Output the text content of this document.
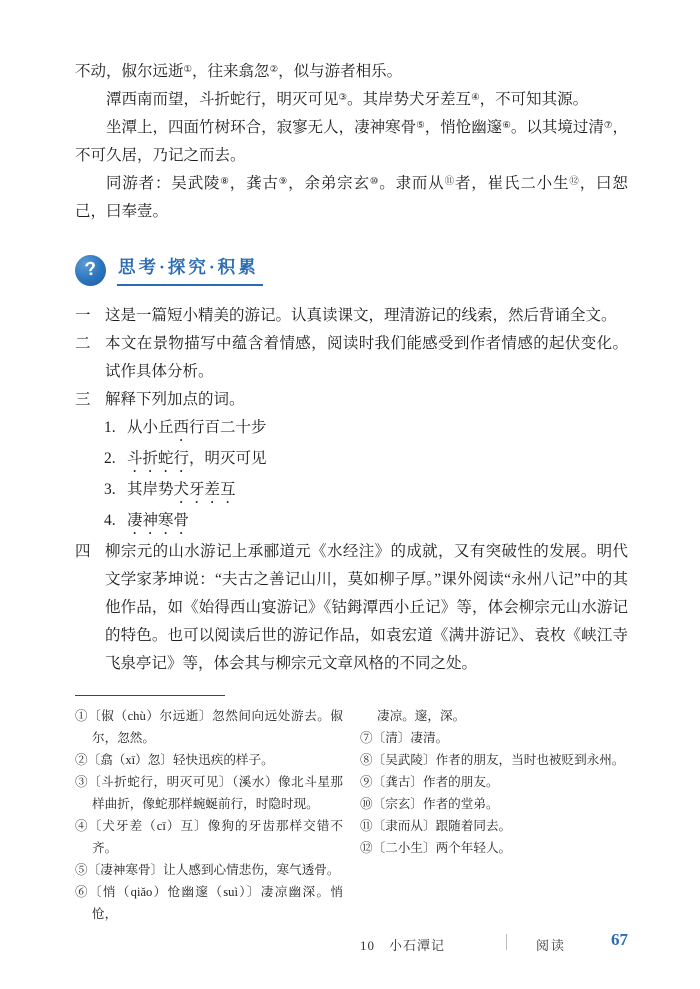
不动，俶尔远逝①，往来翕忽②，似与游者相乐。
潭西南而望，斗折蛇行，明灭可见③。其岸势犬牙差互④，不可知其源。
坐潭上，四面竹树环合，寂寥无人，凄神寒骨⑤，悄怆幽邃⑥。以其境过清⑦，不可久居，乃记之而去。
同游者：吴武陵⑧，龚古⑨，余弟宗玄⑩。隶而从⑪者，崔氏二小生⑫，曰恕己，曰奉壹。
? 思考·探究·积累
一 这是一篇短小精美的游记。认真读课文，理清游记的线索，然后背诵全文。
二 本文在景物描写中蕴含着情感，阅读时我们能感受到作者情感的起伏变化。试作具体分析。
三 解释下列加点的词。
1. 从小丘西行百二十步
2. 斗折蛇行，明灭可见
3. 其岸势犬牙差互
4. 凄神寒骨
四 柳宗元的山水游记上承郦道元《水经注》的成就，又有突破性的发展。明代文学家茅坤说：“夫古之善记山川，莫如柳子厚。”课外阅读“永州八记”中的其他作品，如《始得西山宴游记》《钴鉧潭西小丘记》等，体会柳宗元山水游记的特色。也可以阅读后世的游记作品，如袁宏道《满井游记》、袁枚《峡江寺飞泉亭记》等，体会其与柳宗元文章风格的不同之处。
①〔俶（chù）尔远逝〕忽然间向远处游去。俶尔，忽然。
②〔翕（xī）忽〕轻快迅疾的样子。
③〔斗折蛇行，明灭可见〕（溪水）像北斗星那样曲折，像蛇那样蜿蜒前行，时隐时现。
④〔犬牙差（cī）互〕像狗的牙齿那样交错不齐。
⑤〔凄神寒骨〕让人感到心情悲伤，寒气透骨。
⑥〔悄（qiǎo）怆幽邃（suì）〕凄凉幽深。悄怆，
凄凉。邃，深。
⑦〔清〕凄清。
⑧〔吴武陵〕作者的朋友，当时也被贬到永州。
⑨〔龚古〕作者的朋友。
⑩〔宗玄〕作者的堂弟。
⑪〔隶而从〕跟随着同去。
⑫〔二小生〕两个年轻人。
10　 小石潭记	阅读	67
